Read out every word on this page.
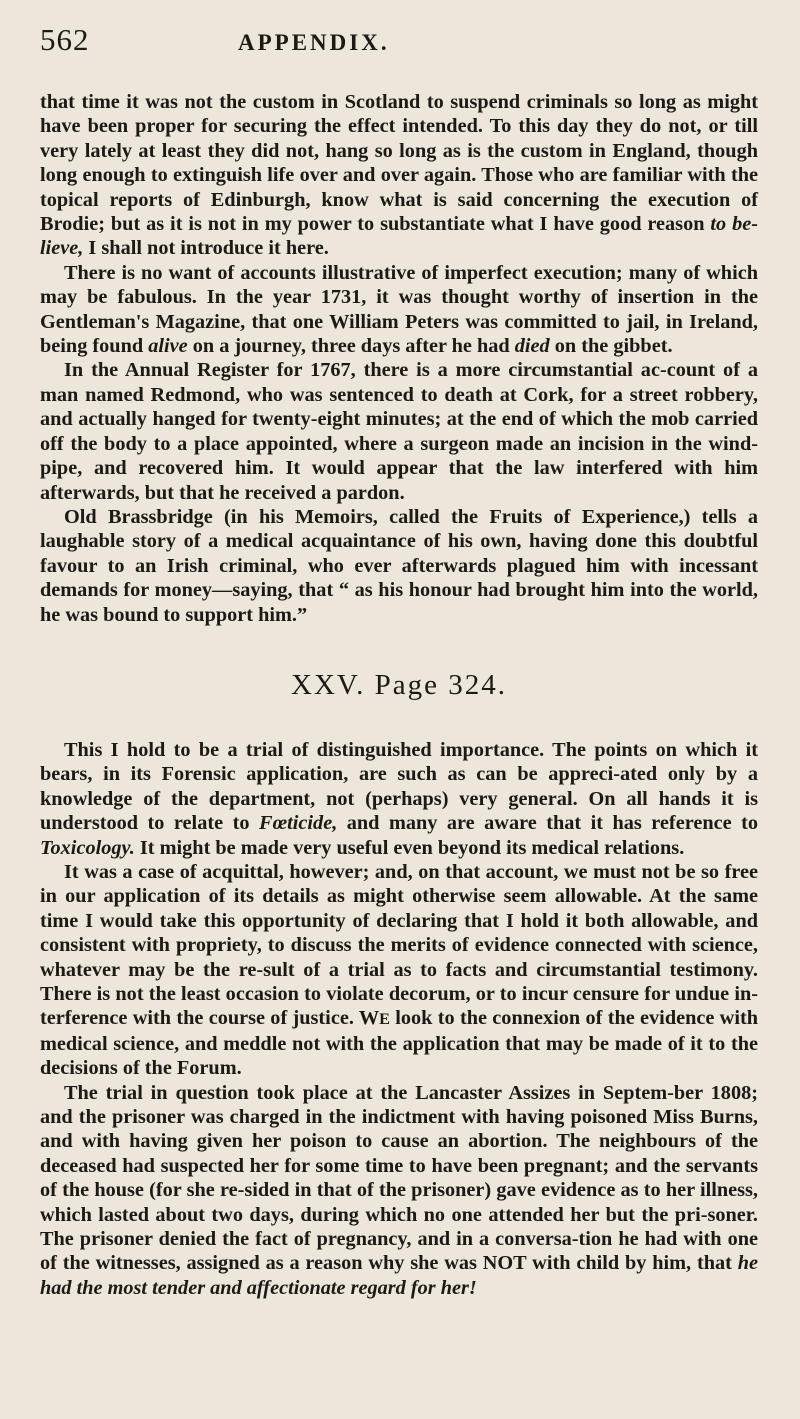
562	APPENDIX.

that time it was not the custom in Scotland to suspend criminals so long as might have been proper for securing the effect intended. To this day they do not, or till very lately at least they did not, hang so long as is the custom in England, though long enough to extinguish life over and over again. Those who are familiar with the topical reports of Edinburgh, know what is said concerning the execution of Brodie; but as it is not in my power to substantiate what I have good reason to be-lieve, I shall not introduce it here.

There is no want of accounts illustrative of imperfect execution; many of which may be fabulous. In the year 1731, it was thought worthy of insertion in the Gentleman's Magazine, that one William Peters was committed to jail, in Ireland, being found alive on a journey, three days after he had died on the gibbet.

In the Annual Register for 1767, there is a more circumstantial ac-count of a man named Redmond, who was sentenced to death at Cork, for a street robbery, and actually hanged for twenty-eight minutes; at the end of which the mob carried off the body to a place appointed, where a surgeon made an incision in the wind-pipe, and recovered him. It would appear that the law interfered with him afterwards, but that he received a pardon.

Old Brassbridge (in his Memoirs, called the Fruits of Experience,) tells a laughable story of a medical acquaintance of his own, having done this doubtful favour to an Irish criminal, who ever afterwards plagued him with incessant demands for money—saying, that “ as his honour had brought him into the world, he was bound to support him.”

XXV. Page 324.

This I hold to be a trial of distinguished importance. The points on which it bears, in its Forensic application, are such as can be appreci-ated only by a knowledge of the department, not (perhaps) very general. On all hands it is understood to relate to Fœticide, and many are aware that it has reference to Toxicology. It might be made very useful even beyond its medical relations.

It was a case of acquittal, however; and, on that account, we must not be so free in our application of its details as might otherwise seem allowable. At the same time I would take this opportunity of declaring that I hold it both allowable, and consistent with propriety, to discuss the merits of evidence connected with science, whatever may be the re-sult of a trial as to facts and circumstantial testimony. There is not the least occasion to violate decorum, or to incur censure for undue in-terference with the course of justice. WE look to the connexion of the evidence with medical science, and meddle not with the application that may be made of it to the decisions of the Forum.

The trial in question took place at the Lancaster Assizes in Septem-ber 1808; and the prisoner was charged in the indictment with having poisoned Miss Burns, and with having given her poison to cause an abortion. The neighbours of the deceased had suspected her for some time to have been pregnant; and the servants of the house (for she re-sided in that of the prisoner) gave evidence as to her illness, which lasted about two days, during which no one attended her but the pri-soner. The prisoner denied the fact of pregnancy, and in a conversa-tion he had with one of the witnesses, assigned as a reason why she was NOT with child by him, that he had the most tender and affectionate regard for her!
